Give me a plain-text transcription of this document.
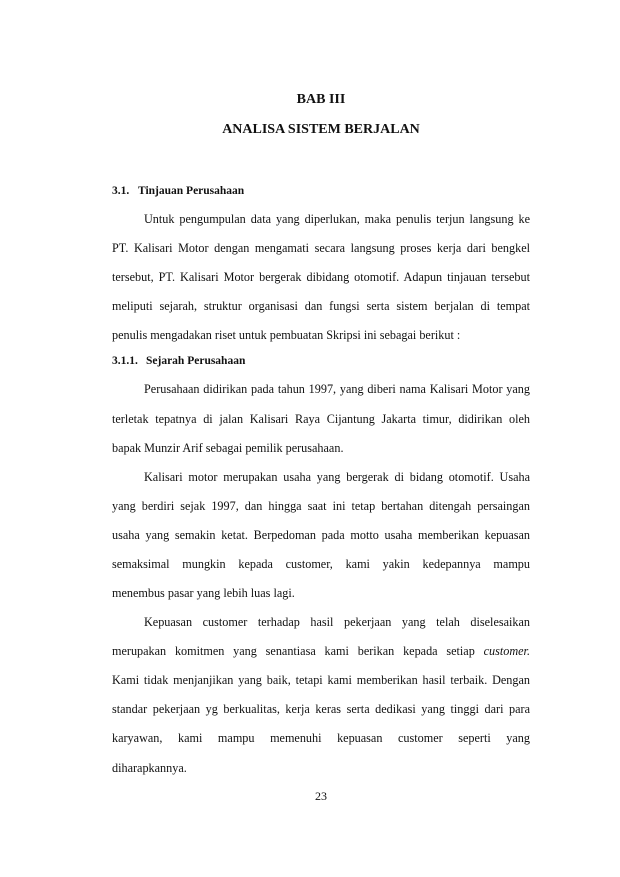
BAB III
ANALISA SISTEM BERJALAN
3.1. Tinjauan Perusahaan
Untuk pengumpulan data yang diperlukan, maka penulis terjun langsung ke
PT. Kalisari Motor dengan mengamati secara langsung proses kerja dari bengkel
tersebut, PT. Kalisari Motor bergerak dibidang otomotif. Adapun tinjauan tersebut
meliputi sejarah, struktur organisasi dan fungsi serta sistem berjalan di tempat
penulis mengadakan riset untuk pembuatan Skripsi ini sebagai berikut :
3.1.1. Sejarah Perusahaan
Perusahaan didirikan pada tahun 1997, yang diberi nama Kalisari Motor yang
terletak tepatnya di jalan Kalisari Raya Cijantung Jakarta timur, didirikan oleh
bapak Munzir Arif sebagai pemilik perusahaan.
Kalisari motor merupakan usaha yang bergerak di bidang otomotif. Usaha
yang berdiri sejak 1997, dan hingga saat ini tetap bertahan ditengah persaingan
usaha yang semakin ketat. Berpedoman pada motto usaha memberikan kepuasan
semaksimal mungkin kepada customer, kami yakin kedepannya mampu
menembus pasar yang lebih luas lagi.
Kepuasan customer terhadap hasil pekerjaan yang telah diselesaikan
merupakan komitmen yang senantiasa kami berikan kepada setiap customer.
Kami tidak menjanjikan yang baik, tetapi kami memberikan hasil terbaik. Dengan
standar pekerjaan yg berkualitas, kerja keras serta dedikasi yang tinggi dari para
karyawan, kami mampu memenuhi kepuasan customer seperti yang
diharapkannya.
23
